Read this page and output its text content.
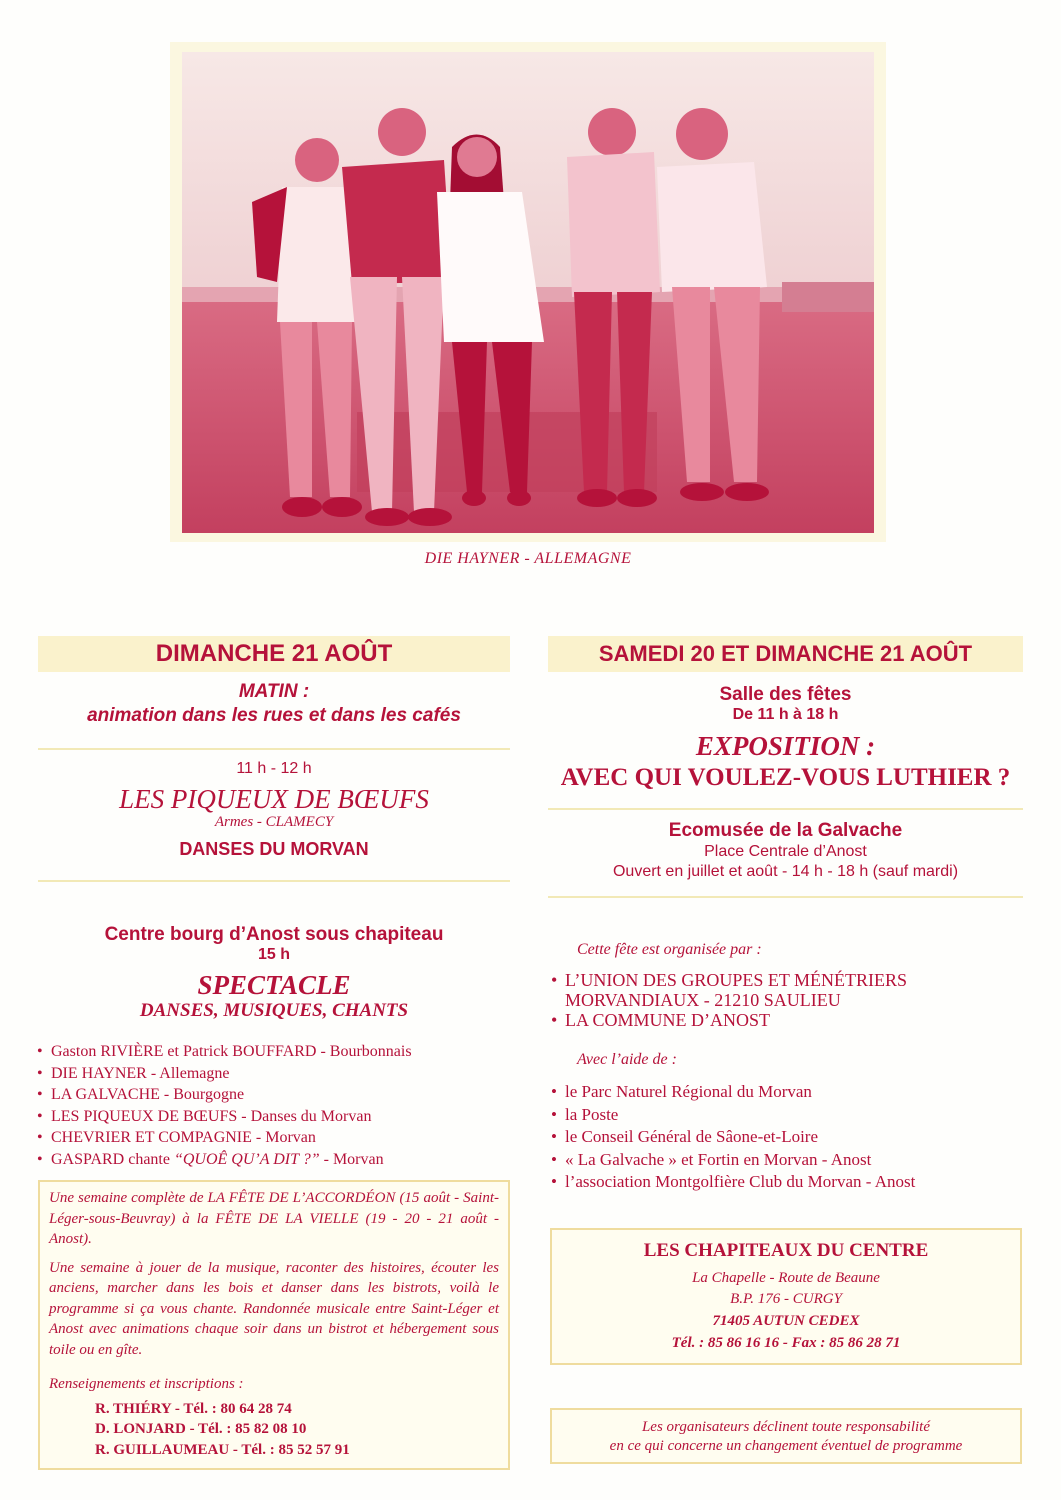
DIE HAYNER - ALLEMAGNE
DIMANCHE 21 AOÛT
MATIN :
animation dans les rues et dans les cafés
11 h - 12 h
LES PIQUEUX DE BŒUFS
Armes - CLAMECY
DANSES DU MORVAN
Centre bourg d’Anost sous chapiteau
15 h
SPECTACLE
DANSES, MUSIQUES, CHANTS
• Gaston RIVIÈRE et Patrick BOUFFARD - Bourbonnais
• DIE HAYNER - Allemagne
• LA GALVACHE - Bourgogne
• LES PIQUEUX DE BŒUFS - Danses du Morvan
• CHEVRIER ET COMPAGNIE - Morvan
• GASPARD chante “QUOÊ QU’A DIT ?” - Morvan
Une semaine complète de LA FÊTE DE L’ACCORDÉON (15 août - Saint-Léger-sous-Beuvray) à la FÊTE DE LA VIELLE (19 - 20 - 21 août - Anost).
Une semaine à jouer de la musique, raconter des histoires, écouter les anciens, marcher dans les bois et danser dans les bistrots, voilà le programme si ça vous chante. Randonnée musicale entre Saint-Léger et Anost avec animations chaque soir dans un bistrot et hébergement sous toile ou en gîte.
Renseignements et inscriptions :
R. THIÉRY - Tél. : 80 64 28 74
D. LONJARD - Tél. : 85 82 08 10
R. GUILLAUMEAU - Tél. : 85 52 57 91
SAMEDI 20 ET DIMANCHE 21 AOÛT
Salle des fêtes
De 11 h à 18 h
EXPOSITION :
AVEC QUI VOULEZ-VOUS LUTHIER ?
Ecomusée de la Galvache
Place Centrale d’Anost
Ouvert en juillet et août - 14 h - 18 h (sauf mardi)
Cette fête est organisée par :
• L’UNION DES GROUPES ET MÉNÉTRIERS MORVANDIAUX - 21210 SAULIEU
• LA COMMUNE D’ANOST
Avec l’aide de :
• le Parc Naturel Régional du Morvan
• la Poste
• le Conseil Général de Sâone-et-Loire
• « La Galvache » et Fortin en Morvan - Anost
• l’association Montgolfière Club du Morvan - Anost
LES CHAPITEAUX DU CENTRE
La Chapelle - Route de Beaune
B.P. 176 - CURGY
71405 AUTUN CEDEX
Tél. : 85 86 16 16 - Fax : 85 86 28 71
Les organisateurs déclinent toute responsabilité
en ce qui concerne un changement éventuel de programme
